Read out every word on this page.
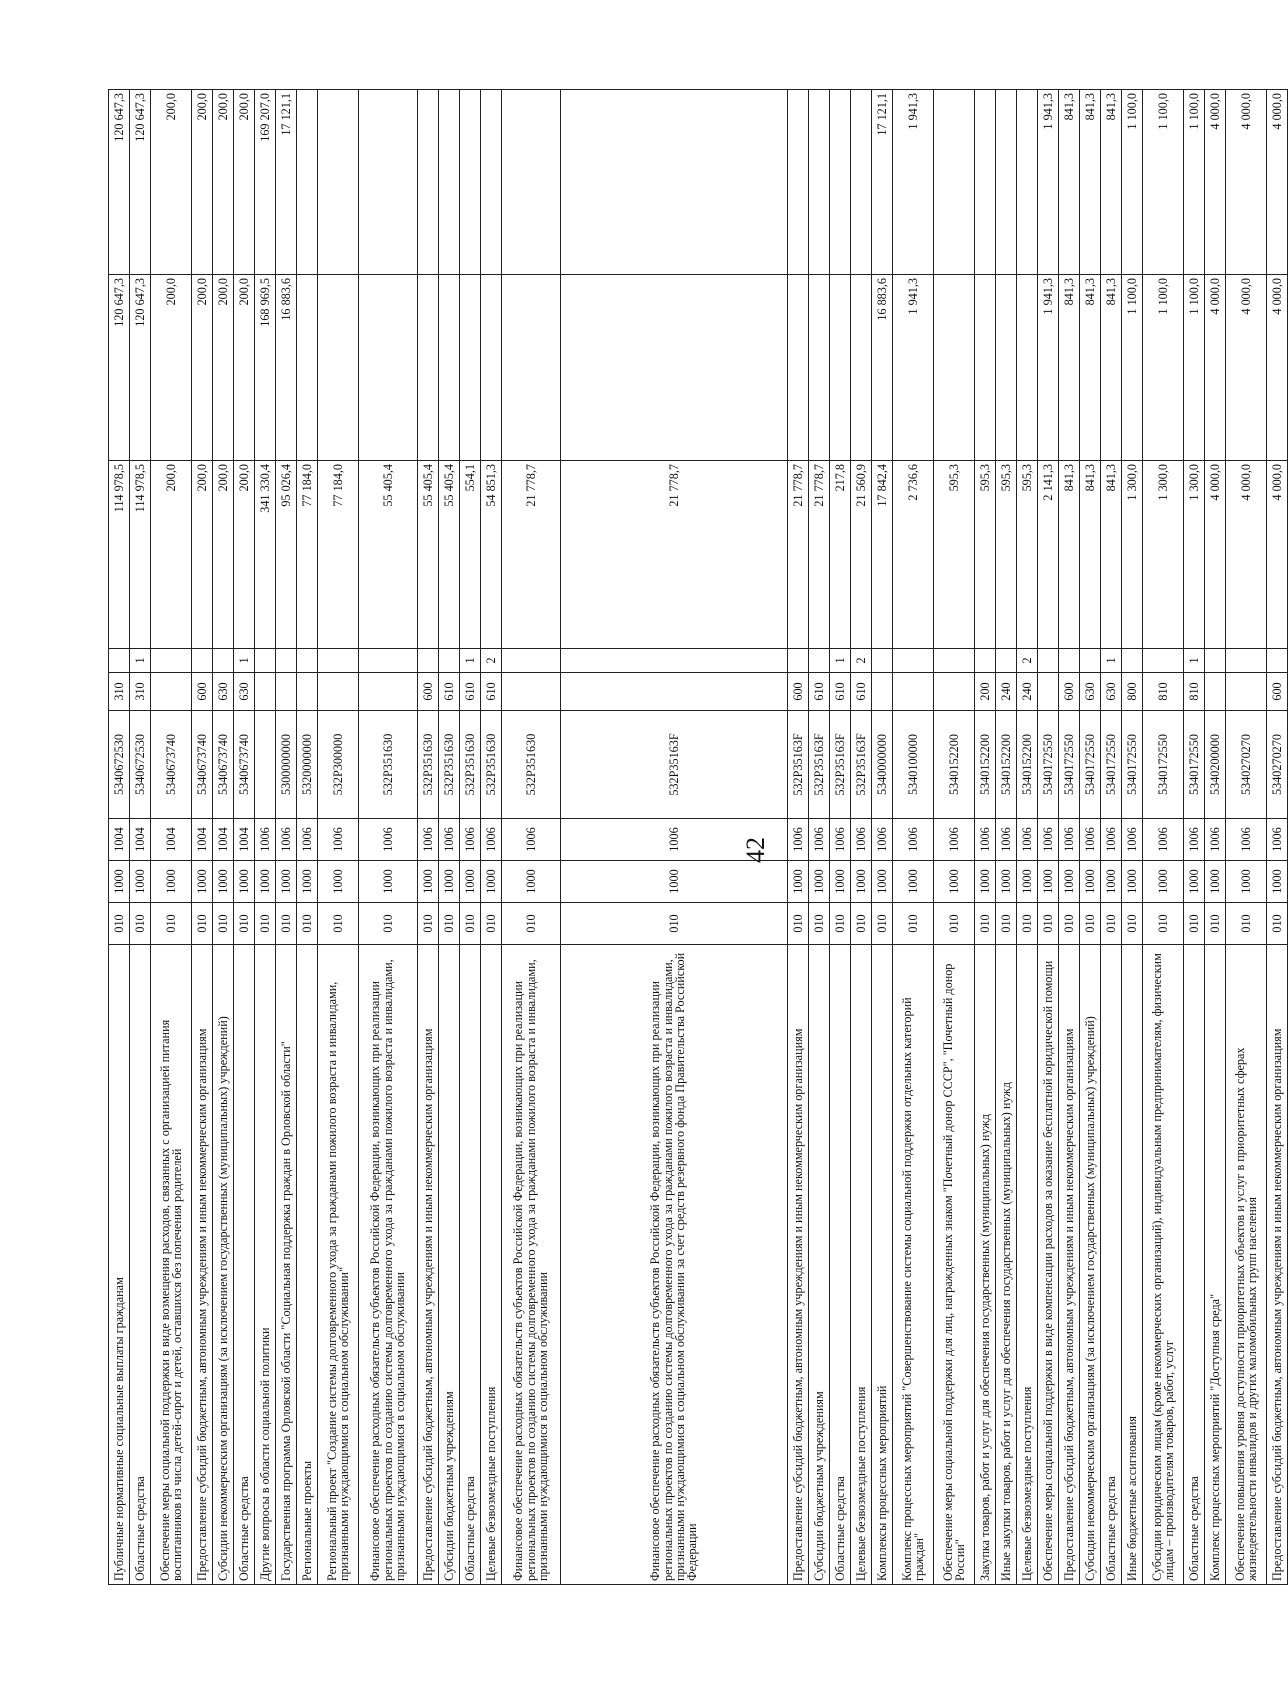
42
Публичные нормативные социальные выплаты гражданам	010	1000	1004	5340672530	310		114 978,5	120 647,3	120 647,3
Областные средства	010	1000	1004	5340672530	310	1	114 978,5	120 647,3	120 647,3
Обеспечение меры социальной поддержки в виде возмещения расходов, связанных с организацией питания воспитанников из числа детей-сирот и детей, оставшихся без попечения родителей	010	1000	1004	5340673740			200,0	200,0	200,0
Предоставление субсидий бюджетным, автономным учреждениям и иным некоммерческим организациям	010	1000	1004	5340673740	600		200,0	200,0	200,0
Субсидии некоммерческим организациям (за исключением государственных (муниципальных) учреждений)	010	1000	1004	5340673740	630		200,0	200,0	200,0
Областные средства	010	1000	1004	5340673740	630	1	200,0	200,0	200,0
Другие вопросы в области социальной политики	010	1000	1006				341 330,4	168 969,5	169 207,0
Государственная программа Орловской области "Социальная поддержка граждан в Орловской области"	010	1000	1006	5300000000			95 026,4	16 883,6	17 121,1
Региональные проекты	010	1000	1006	5320000000			77 184,0		
Региональный проект "Создание системы долговременного ухода за гражданами пожилого возраста и инвалидами, признанными нуждающимися в социальном обслуживании"	010	1000	1006	532P300000			77 184,0		
Финансовое обеспечение расходных обязательств субъектов Российской Федерации, возникающих при реализации региональных проектов по созданию системы долговременного ухода за гражданами пожилого возраста и инвалидами, признанными нуждающимися в социальном обслуживании	010	1000	1006	532P351630			55 405,4		
Предоставление субсидий бюджетным, автономным учреждениям и иным некоммерческим организациям	010	1000	1006	532P351630	600		55 405,4		
Субсидии бюджетным учреждениям	010	1000	1006	532P351630	610		55 405,4		
Областные средства	010	1000	1006	532P351630	610	1	554,1		
Целевые безвозмездные поступления	010	1000	1006	532P351630	610	2	54 851,3		
Финансовое обеспечение расходных обязательств субъектов Российской Федерации, возникающих при реализации региональных проектов по созданию системы долговременного ухода за гражданами пожилого возраста и инвалидами, признанными нуждающимися в социальном обслуживании	010	1000	1006	532P351630			21 778,7		
Финансовое обеспечение расходных обязательств субъектов Российской Федерации, возникающих при реализации региональных проектов по созданию системы долговременного ухода за гражданами пожилого возраста и инвалидами, признанными нуждающимися в социальном обслуживании за счет средств резервного фонда Правительства Российской Федерации	010	1000	1006	532P35163F			21 778,7		
Предоставление субсидий бюджетным, автономным учреждениям и иным некоммерческим организациям	010	1000	1006	532P35163F	600		21 778,7		
Субсидии бюджетным учреждениям	010	1000	1006	532P35163F	610		21 778,7		
Областные средства	010	1000	1006	532P35163F	610	1	217,8		
Целевые безвозмездные поступления	010	1000	1006	532P35163F	610	2	21 560,9		
Комплексы процессных мероприятий	010	1000	1006	5340000000			17 842,4	16 883,6	17 121,1
Комплекс процессных мероприятий "Совершенствование системы социальной поддержки отдельных категорий граждан"	010	1000	1006	5340100000			2 736,6	1 941,3	1 941,3
Обеспечение меры социальной поддержки для лиц, награжденных знаком "Почетный донор СССР", "Почетный донор России"	010	1000	1006	5340152200			595,3		
Закупка товаров, работ и услуг для обеспечения государственных (муниципальных) нужд	010	1000	1006	5340152200	200		595,3		
Иные закупки товаров, работ и услуг для обеспечения государственных (муниципальных) нужд	010	1000	1006	5340152200	240		595,3		
Целевые безвозмездные поступления	010	1000	1006	5340152200	240	2	595,3		
Обеспечение меры социальной поддержки в виде компенсации расходов за оказание бесплатной юридической помощи	010	1000	1006	5340172550			2 141,3	1 941,3	1 941,3
Предоставление субсидий бюджетным, автономным учреждениям и иным некоммерческим организациям	010	1000	1006	5340172550	600		841,3	841,3	841,3
Субсидии некоммерческим организациям (за исключением государственных (муниципальных) учреждений)	010	1000	1006	5340172550	630		841,3	841,3	841,3
Областные средства	010	1000	1006	5340172550	630	1	841,3	841,3	841,3
Иные бюджетные ассигнования	010	1000	1006	5340172550	800		1 300,0	1 100,0	1 100,0
Субсидии юридическим лицам (кроме некоммерческих организаций), индивидуальным предпринимателям, физическим лицам – производителям товаров, работ, услуг	010	1000	1006	5340172550	810		1 300,0	1 100,0	1 100,0
Областные средства	010	1000	1006	5340172550	810	1	1 300,0	1 100,0	1 100,0
Комплекс процессных мероприятий "Доступная среда"	010	1000	1006	5340200000			4 000,0	4 000,0	4 000,0
Обеспечение повышения уровня доступности приоритетных объектов и услуг в приоритетных сферах жизнедеятельности инвалидов и других маломобильных групп населения	010	1000	1006	5340270270			4 000,0	4 000,0	4 000,0
Предоставление субсидий бюджетным, автономным учреждениям и иным некоммерческим организациям	010	1000	1006	5340270270	600		4 000,0	4 000,0	4 000,0
